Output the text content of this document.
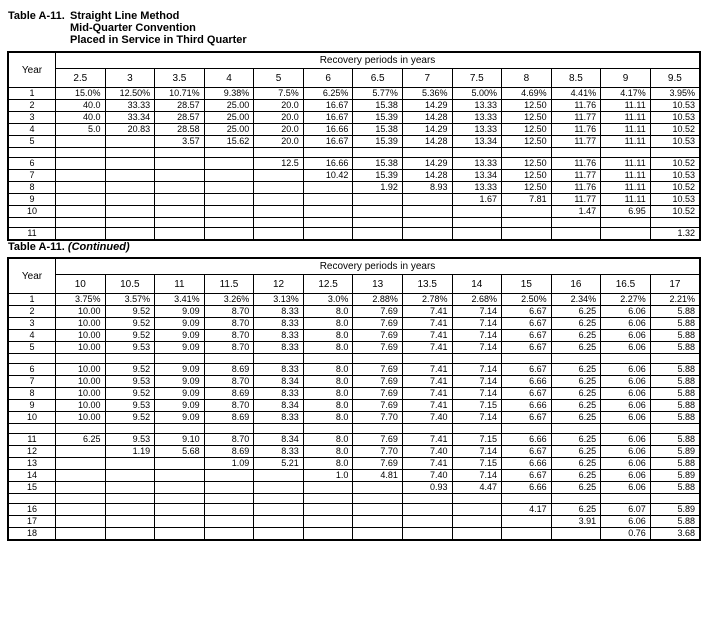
Table A-11. Straight Line Method
Mid-Quarter Convention
Placed in Service in Third Quarter
Year	Recovery periods in years												
	2.5	3	3.5	4	5	6	6.5	7	7.5	8	8.5	9	9.5
1	15.0%	12.50%	10.71%	9.38%	7.5%	6.25%	5.77%	5.36%	5.00%	4.69%	4.41%	4.17%	3.95%

2	40.0	33.33	28.57	25.00	20.0	16.67	15.38	14.29	13.33	12.50	11.76	11.11	10.53

3	40.0	33.34	28.57	25.00	20.0	16.67	15.39	14.28	13.33	12.50	11.77	11.11	10.53

4	5.0	20.83	28.58	25.00	20.0	16.66	15.38	14.29	13.33	12.50	11.76	11.11	10.52

5			3.57	15.62	20.0	16.67	15.39	14.28	13.34	12.50	11.77	11.11	10.53

6					12.5	16.66	15.38	14.29	13.33	12.50	11.76	11.11	10.52

7						10.42	15.39	14.28	13.34	12.50	11.77	11.11	10.53

8							1.92	8.93	13.33	12.50	11.76	11.11	10.52

9									1.67	7.81	11.77	11.11	10.53

10											1.47	6.95	10.52

11													1.32
Table A-11. (Continued)
Year	Recovery periods in years												
	10	10.5	11	11.5	12	12.5	13	13.5	14	15	16	16.5	17
1	3.75%	3.57%	3.41%	3.26%	3.13%	3.0%	2.88%	2.78%	2.68%	2.50%	2.34%	2.27%	2.21%

2	10.00	9.52	9.09	8.70	8.33	8.0	7.69	7.41	7.14	6.67	6.25	6.06	5.88

3	10.00	9.52	9.09	8.70	8.33	8.0	7.69	7.41	7.14	6.67	6.25	6.06	5.88

4	10.00	9.52	9.09	8.70	8.33	8.0	7.69	7.41	7.14	6.67	6.25	6.06	5.88

5	10.00	9.53	9.09	8.70	8.33	8.0	7.69	7.41	7.14	6.67	6.25	6.06	5.88

6	10.00	9.52	9.09	8.69	8.33	8.0	7.69	7.41	7.14	6.67	6.25	6.06	5.88

7	10.00	9.53	9.09	8.70	8.34	8.0	7.69	7.41	7.14	6.66	6.25	6.06	5.88

8	10.00	9.52	9.09	8.69	8.33	8.0	7.69	7.41	7.14	6.67	6.25	6.06	5.88

9	10.00	9.53	9.09	8.70	8.34	8.0	7.69	7.41	7.15	6.66	6.25	6.06	5.88

10	10.00	9.52	9.09	8.69	8.33	8.0	7.70	7.40	7.14	6.67	6.25	6.06	5.88

11	6.25	9.53	9.10	8.70	8.34	8.0	7.69	7.41	7.15	6.66	6.25	6.06	5.88

12		1.19	5.68	8.69	8.33	8.0	7.70	7.40	7.14	6.67	6.25	6.06	5.89

13				1.09	5.21	8.0	7.69	7.41	7.15	6.66	6.25	6.06	5.88

14						1.0	4.81	7.40	7.14	6.67	6.25	6.06	5.89

15								0.93	4.47	6.66	6.25	6.06	5.88

16										4.17	6.25	6.07	5.89

17											3.91	6.06	5.88

18												0.76	3.68
